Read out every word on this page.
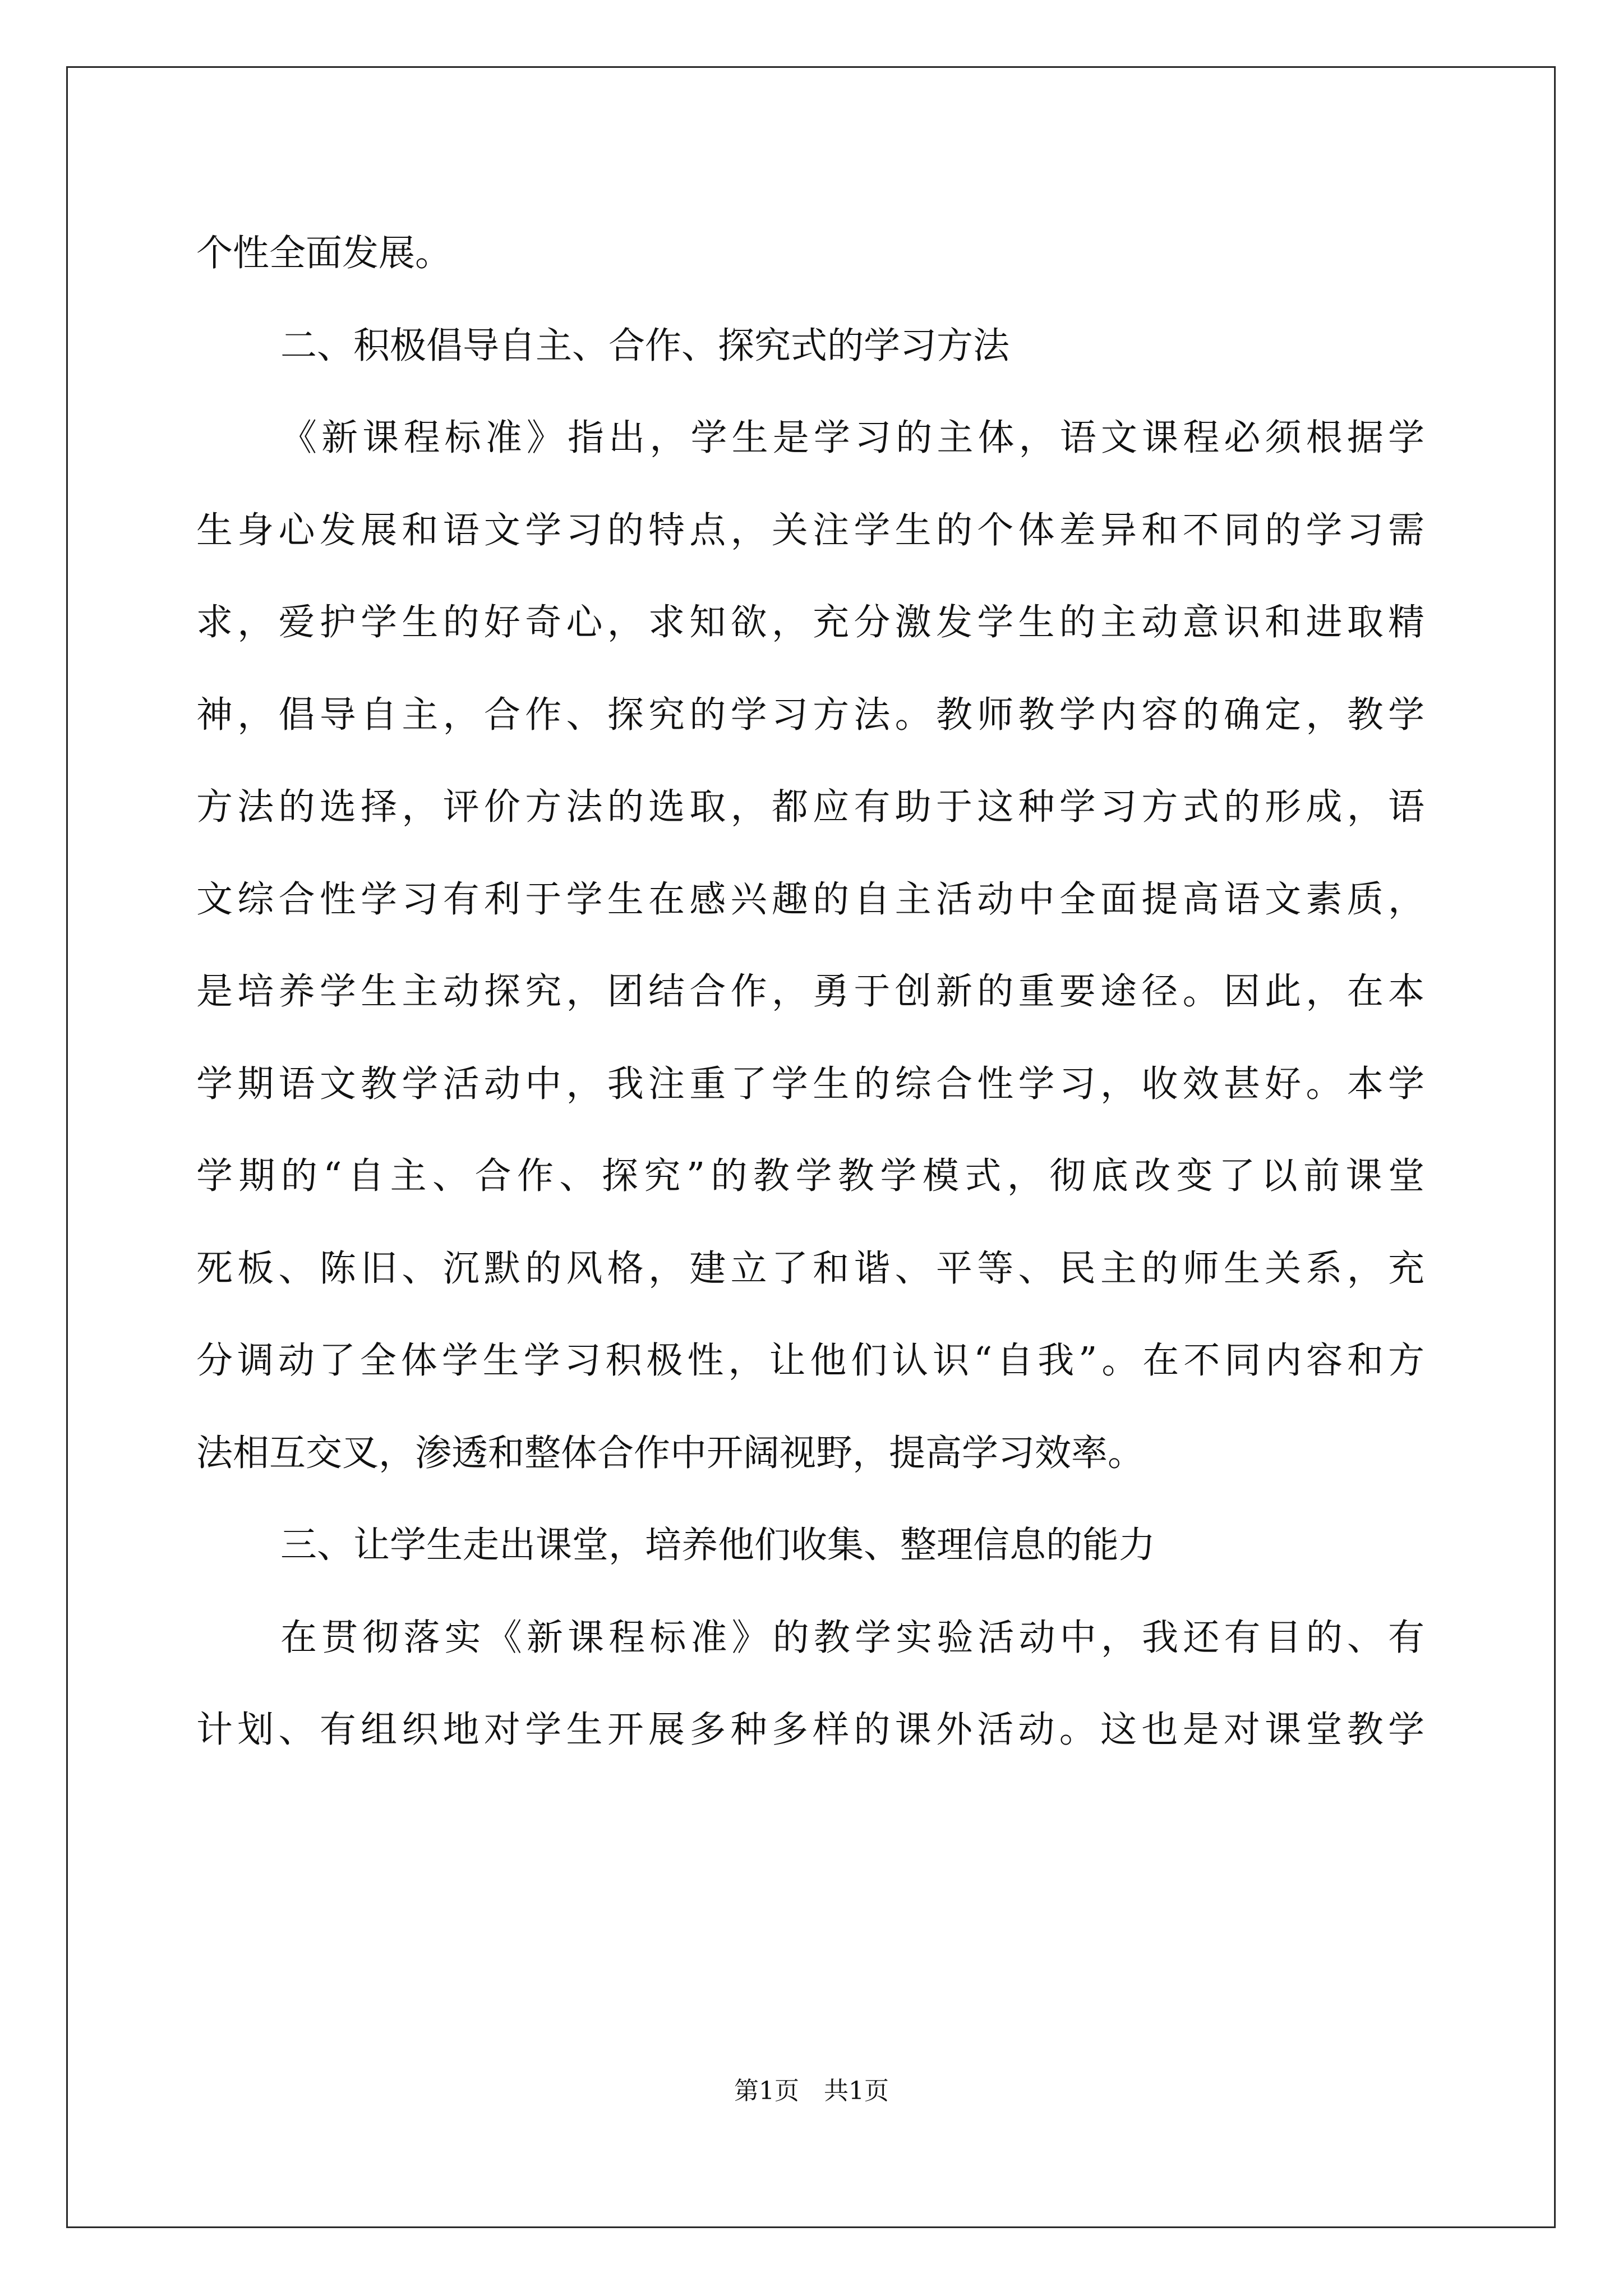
个性全面发展。
二、积极倡导自主、合作、探究式的学习方法
《新课程标准》指出，学生是学习的主体，语文课程必须根据学
生身心发展和语文学习的特点，关注学生的个体差异和不同的学习需
求，爱护学生的好奇心，求知欲，充分激发学生的主动意识和进取精
神，倡导自主，合作、探究的学习方法。教师教学内容的确定，教学
方法的选择，评价方法的选取，都应有助于这种学习方式的形成，语
文综合性学习有利于学生在感兴趣的自主活动中全面提高语文素质，
是培养学生主动探究，团结合作，勇于创新的重要途径。因此，在本
学期语文教学活动中，我注重了学生的综合性学习，收效甚好。本学
学期的“自主、合作、探究”的教学教学模式，彻底改变了以前课堂
死板、陈旧、沉默的风格，建立了和谐、平等、民主的师生关系，充
分调动了全体学生学习积极性，让他们认识“自我”。在不同内容和方
法相互交叉，渗透和整体合作中开阔视野，提高学习效率。
三、让学生走出课堂，培养他们收集、整理信息的能力
在贯彻落实《新课程标准》的教学实验活动中，我还有目的、有
计划、有组织地对学生开展多种多样的课外活动。这也是对课堂教学
第1页 共1页
